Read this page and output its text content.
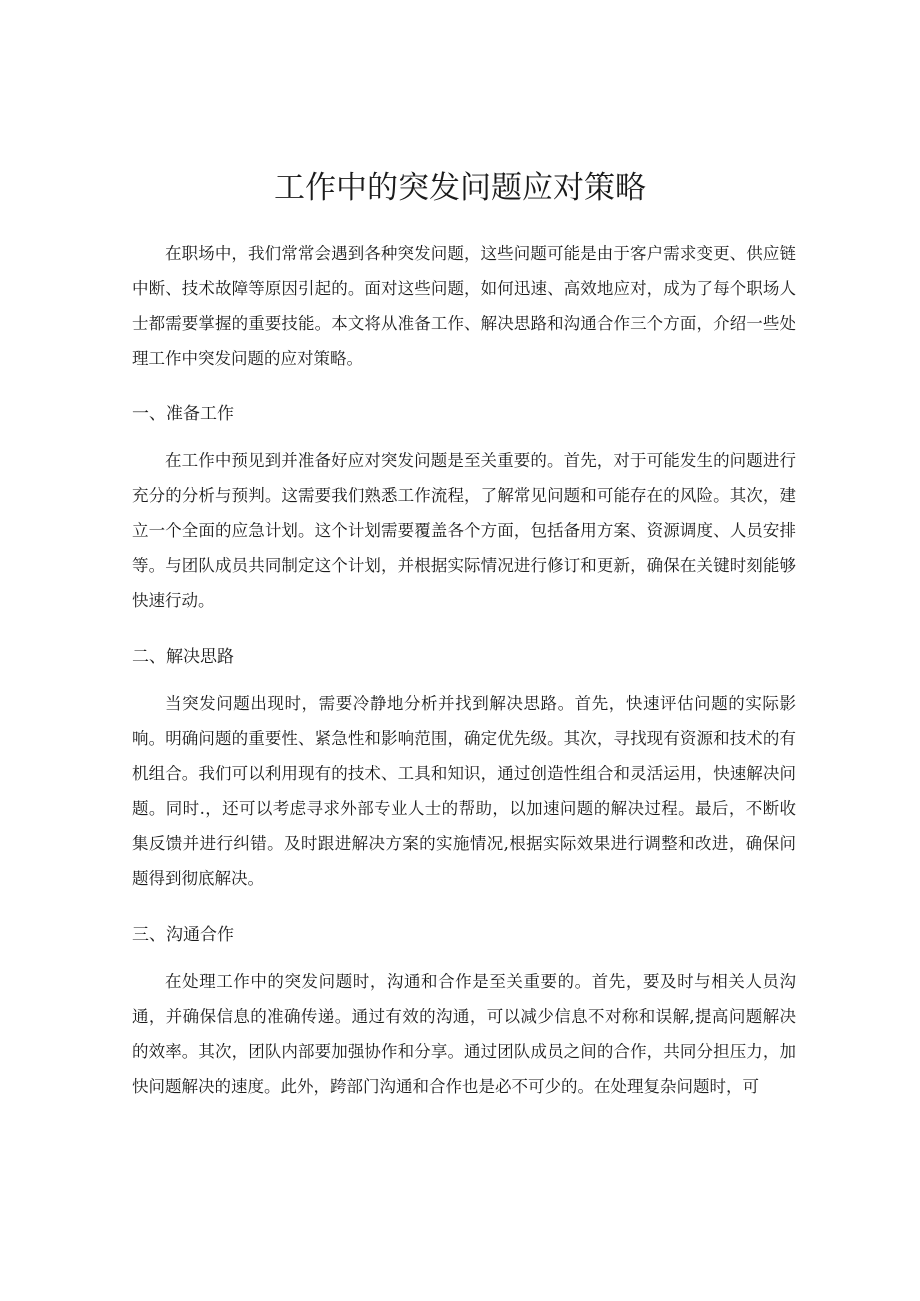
工作中的突发问题应对策略

在职场中，我们常常会遇到各种突发问题，这些问题可能是由于客户需求变更、供应链中断、技术故障等原因引起的。面对这些问题，如何迅速、高效地应对，成为了每个职场人士都需要掌握的重要技能。本文将从准备工作、解决思路和沟通合作三个方面，介绍一些处理工作中突发问题的应对策略。

一、准备工作

在工作中预见到并准备好应对突发问题是至关重要的。首先，对于可能发生的问题进行充分的分析与预判。这需要我们熟悉工作流程，了解常见问题和可能存在的风险。其次，建立一个全面的应急计划。这个计划需要覆盖各个方面，包括备用方案、资源调度、人员安排等。与团队成员共同制定这个计划，并根据实际情况进行修订和更新，确保在关键时刻能够快速行动。

二、解决思路

当突发问题出现时，需要冷静地分析并找到解决思路。首先，快速评估问题的实际影响。明确问题的重要性、紧急性和影响范围，确定优先级。其次，寻找现有资源和技术的有机组合。我们可以利用现有的技术、工具和知识，通过创造性组合和灵活运用，快速解决问题。同时.，还可以考虑寻求外部专业人士的帮助，以加速问题的解决过程。最后，不断收集反馈并进行纠错。及时跟进解决方案的实施情况,根据实际效果进行调整和改进，确保问题得到彻底解决。

三、沟通合作

在处理工作中的突发问题时，沟通和合作是至关重要的。首先，要及时与相关人员沟通，并确保信息的准确传递。通过有效的沟通，可以减少信息不对称和误解,提高问题解决的效率。其次，团队内部要加强协作和分享。通过团队成员之间的合作，共同分担压力，加快问题解决的速度。此外，跨部门沟通和合作也是必不可少的。在处理复杂问题时，可
